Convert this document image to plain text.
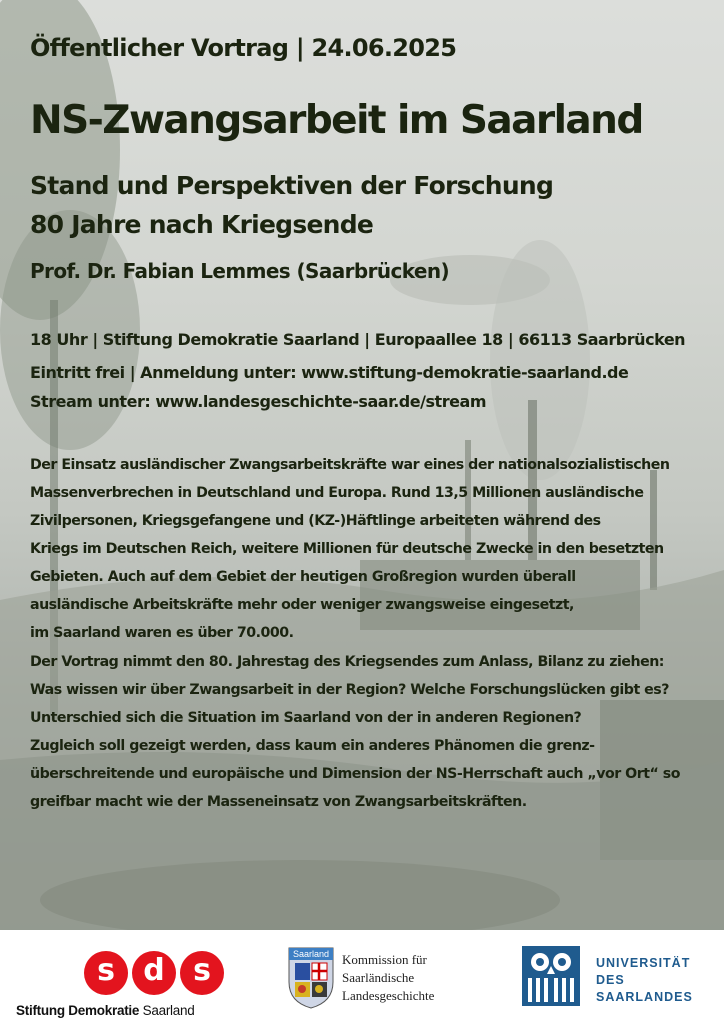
Öffentlicher Vortrag | 24.06.2025
NS-Zwangsarbeit im Saarland
Stand und Perspektiven der Forschung
80 Jahre nach Kriegsende
Prof. Dr. Fabian Lemmes (Saarbrücken)
18 Uhr | Stiftung Demokratie Saarland | Europaallee 18 | 66113 Saarbrücken
Eintritt frei | Anmeldung unter: www.stiftung-demokratie-saarland.de
Stream unter: www.landesgeschichte-saar.de/stream
Der Einsatz ausländischer Zwangsarbeitskräfte war eines der nationalsozialistischen
Massenverbrechen in Deutschland und Europa. Rund 13,5 Millionen ausländische
Zivilpersonen, Kriegsgefangene und (KZ-)Häftlinge arbeiteten während des
Kriegs im Deutschen Reich, weitere Millionen für deutsche Zwecke in den besetzten
Gebieten. Auch auf dem Gebiet der heutigen Großregion wurden überall
ausländische Arbeitskräfte mehr oder weniger zwangsweise eingesetzt,
im Saarland waren es über 70.000.
Der Vortrag nimmt den 80. Jahrestag des Kriegsendes zum Anlass, Bilanz zu ziehen:
Was wissen wir über Zwangsarbeit in der Region? Welche Forschungslücken gibt es?
Unterschied sich die Situation im Saarland von der in anderen Regionen?
Zugleich soll gezeigt werden, dass kaum ein anderes Phänomen die grenz-
überschreitende und europäische und Dimension der NS-Herrschaft auch „vor Ort“ so
greifbar macht wie der Masseneinsatz von Zwangsarbeitskräften.
s d s
Stiftung Demokratie Saarland
Saarland Kommission für
Saarländische
Landesgeschichte
UNIVERSITÄT
DES
SAARLANDES
